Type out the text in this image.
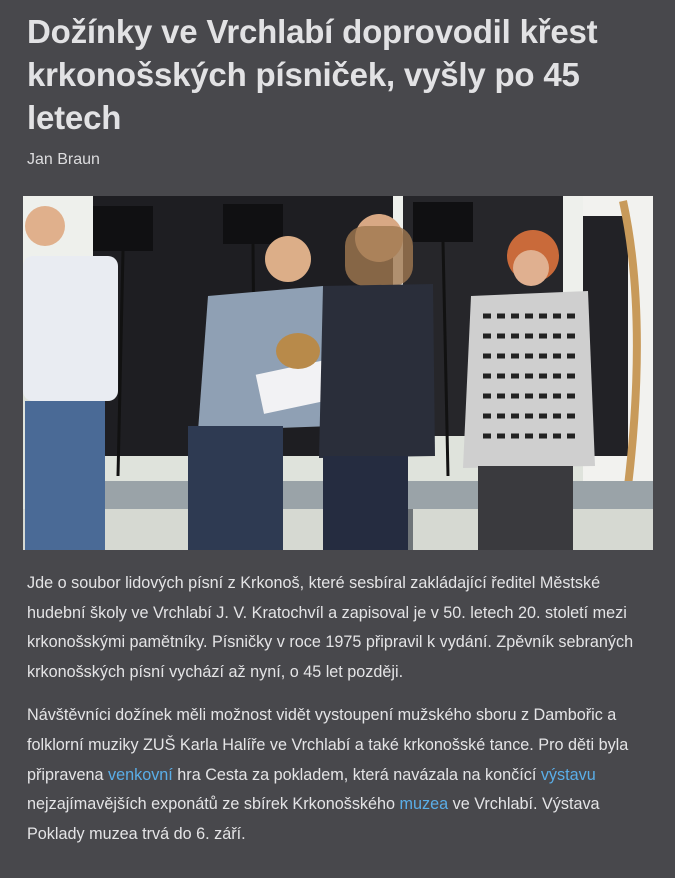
Dožínky ve Vrchlabí doprovodil křest krkonošských písniček, vyšly po 45 letech
Jan Braun

Jde o soubor lidových písní z Krkonoš, které sesbíral zakládající ředitel Městské hudební školy ve Vrchlabí J. V. Kratochvíl a zapisoval je v 50. letech 20. století mezi krkonošskými pamětníky. Písničky v roce 1975 připravil k vydání. Zpěvník sebraných krkonošských písní vychází až nyní, o 45 let později.

Návštěvníci dožínek měli možnost vidět vystoupení mužského sboru z Dambořic a folklorní muziky ZUŠ Karla Halíře ve Vrchlabí a také krkonošské tance. Pro děti byla připravena venkovní hra Cesta za pokladem, která navázala na končící výstavu nejzajímavějších exponátů ze sbírek Krkonošského muzea ve Vrchlabí. Výstava Poklady muzea trvá do 6. září.
